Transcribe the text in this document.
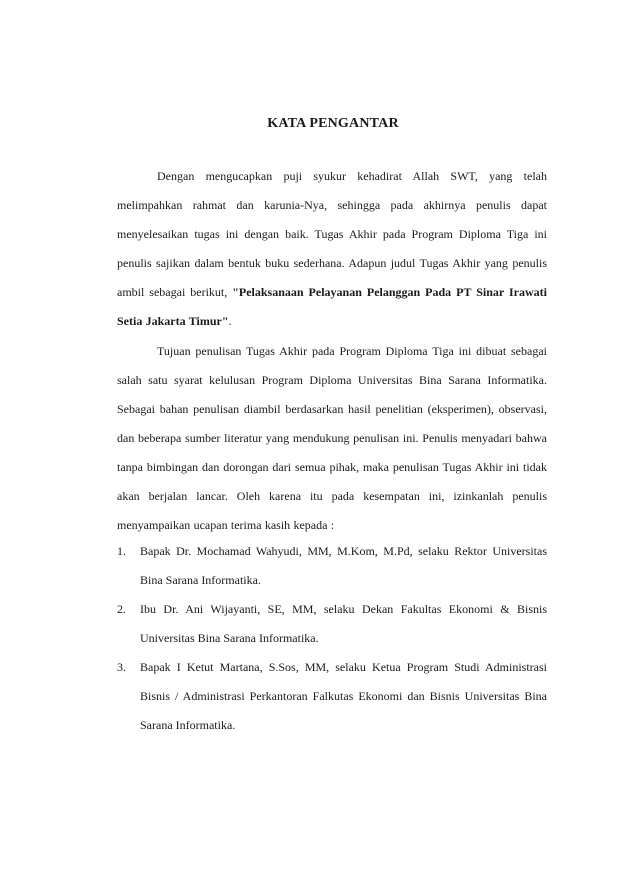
KATA PENGANTAR
Dengan mengucapkan puji syukur kehadirat Allah SWT, yang telah melimpahkan rahmat dan karunia-Nya, sehingga pada akhirnya penulis dapat menyelesaikan tugas ini dengan baik. Tugas Akhir pada Program Diploma Tiga ini penulis sajikan dalam bentuk buku sederhana. Adapun judul Tugas Akhir yang penulis ambil sebagai berikut, "Pelaksanaan Pelayanan Pelanggan Pada PT Sinar Irawati Setia Jakarta Timur".
Tujuan penulisan Tugas Akhir pada Program Diploma Tiga ini dibuat sebagai salah satu syarat kelulusan Program Diploma Universitas Bina Sarana Informatika. Sebagai bahan penulisan diambil berdasarkan hasil penelitian (eksperimen), observasi, dan beberapa sumber literatur yang mendukung penulisan ini. Penulis menyadari bahwa tanpa bimbingan dan dorongan dari semua pihak, maka penulisan Tugas Akhir ini tidak akan berjalan lancar. Oleh karena itu pada kesempatan ini, izinkanlah penulis menyampaikan ucapan terima kasih kepada :
1. Bapak Dr. Mochamad Wahyudi, MM, M.Kom, M.Pd, selaku Rektor Universitas Bina Sarana Informatika.
2. Ibu Dr. Ani Wijayanti, SE, MM, selaku Dekan Fakultas Ekonomi & Bisnis Universitas Bina Sarana Informatika.
3. Bapak I Ketut Martana, S.Sos, MM, selaku Ketua Program Studi Administrasi Bisnis / Administrasi Perkantoran Falkutas Ekonomi dan Bisnis Universitas Bina Sarana Informatika.
